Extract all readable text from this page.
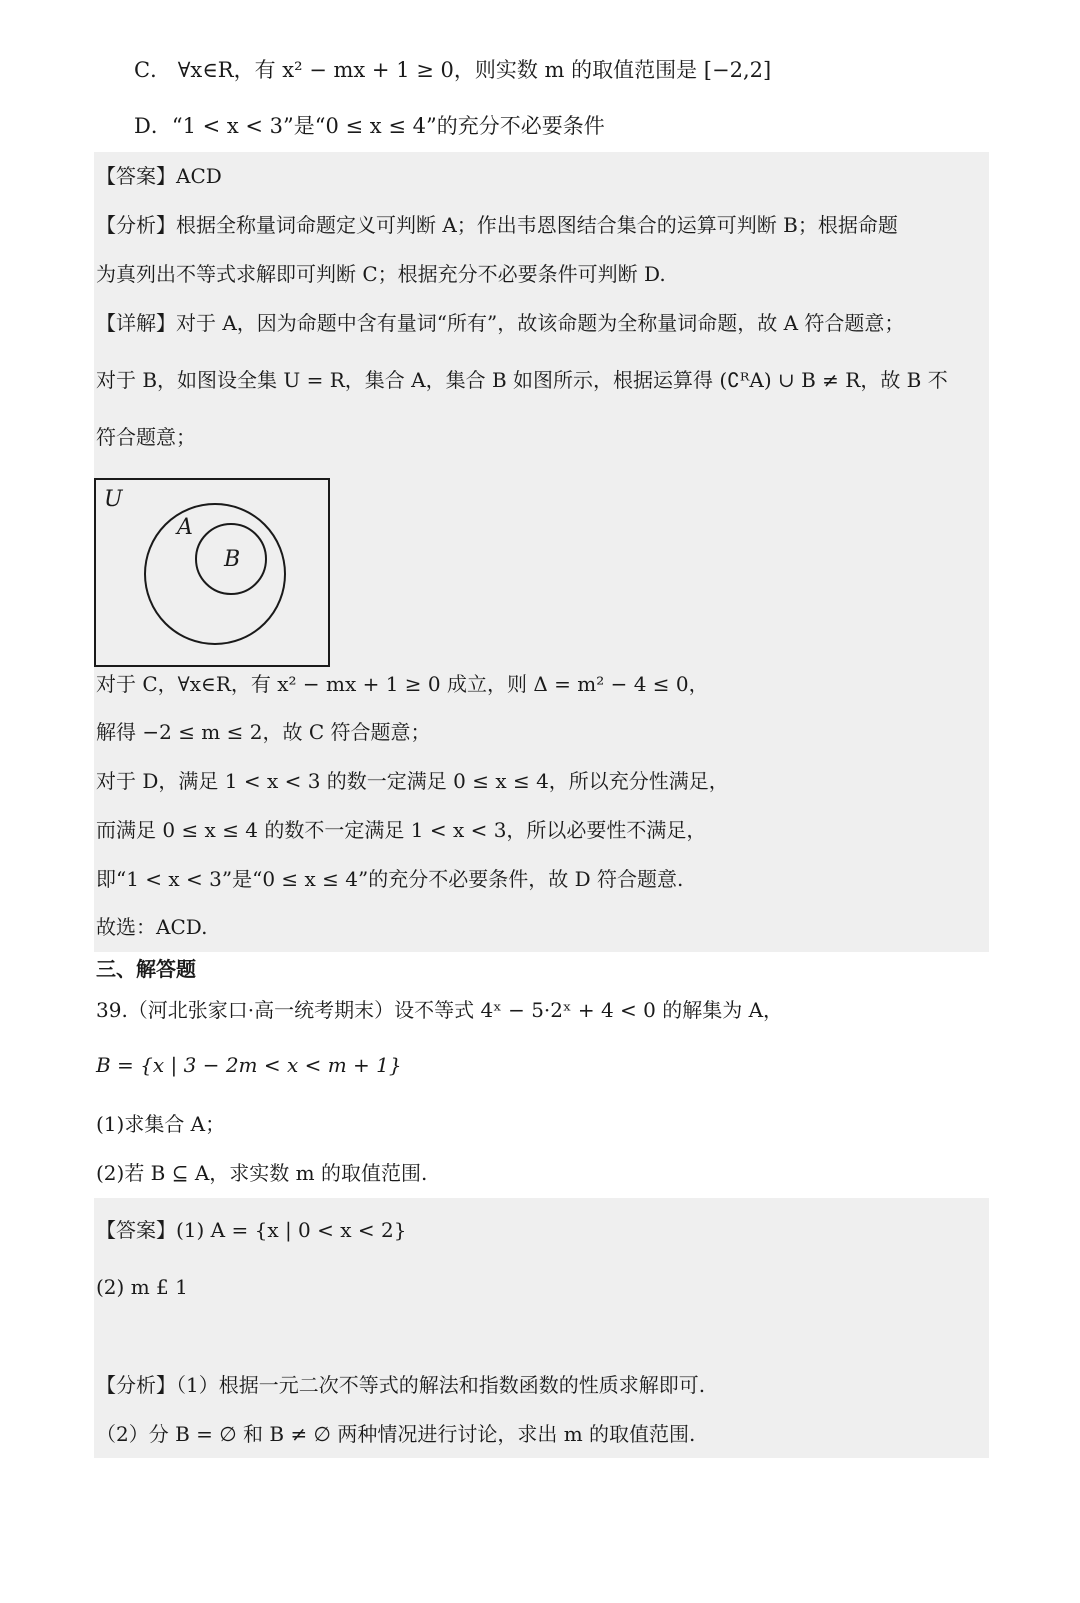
C． ∀x∈R，有 x² − mx + 1 ≥ 0，则实数 m 的取值范围是 [−2,2]
D．“1 < x < 3”是“0 ≤ x ≤ 4”的充分不必要条件
【答案】ACD
【分析】根据全称量词命题定义可判断 A；作出韦恩图结合集合的运算可判断 B；根据命题
为真列出不等式求解即可判断 C；根据充分不必要条件可判断 D.
【详解】对于 A，因为命题中含有量词“所有”，故该命题为全称量词命题，故 A 符合题意；
对于 B，如图设全集 U = R，集合 A，集合 B 如图所示，根据运算得 (∁ᴿA) ∪ B ≠ R，故 B 不
符合题意；
U
A
B
对于 C，∀x∈R，有 x² − mx + 1 ≥ 0 成立，则 Δ = m² − 4 ≤ 0，
解得 −2 ≤ m ≤ 2，故 C 符合题意；
对于 D，满足 1 < x < 3 的数一定满足 0 ≤ x ≤ 4，所以充分性满足，
而满足 0 ≤ x ≤ 4 的数不一定满足 1 < x < 3，所以必要性不满足，
即“1 < x < 3”是“0 ≤ x ≤ 4”的充分不必要条件，故 D 符合题意.
故选：ACD.
三、解答题
39.（河北张家口·高一统考期末）设不等式 4ˣ − 5·2ˣ + 4 < 0 的解集为 A，
B = {x | 3 − 2m < x < m + 1}
(1)求集合 A；
(2)若 B ⊆ A，求实数 m 的取值范围.
【答案】(1) A = {x | 0 < x < 2}
(2) m £ 1
【分析】（1）根据一元二次不等式的解法和指数函数的性质求解即可.
（2）分 B = ∅ 和 B ≠ ∅ 两种情况进行讨论，求出 m 的取值范围.
